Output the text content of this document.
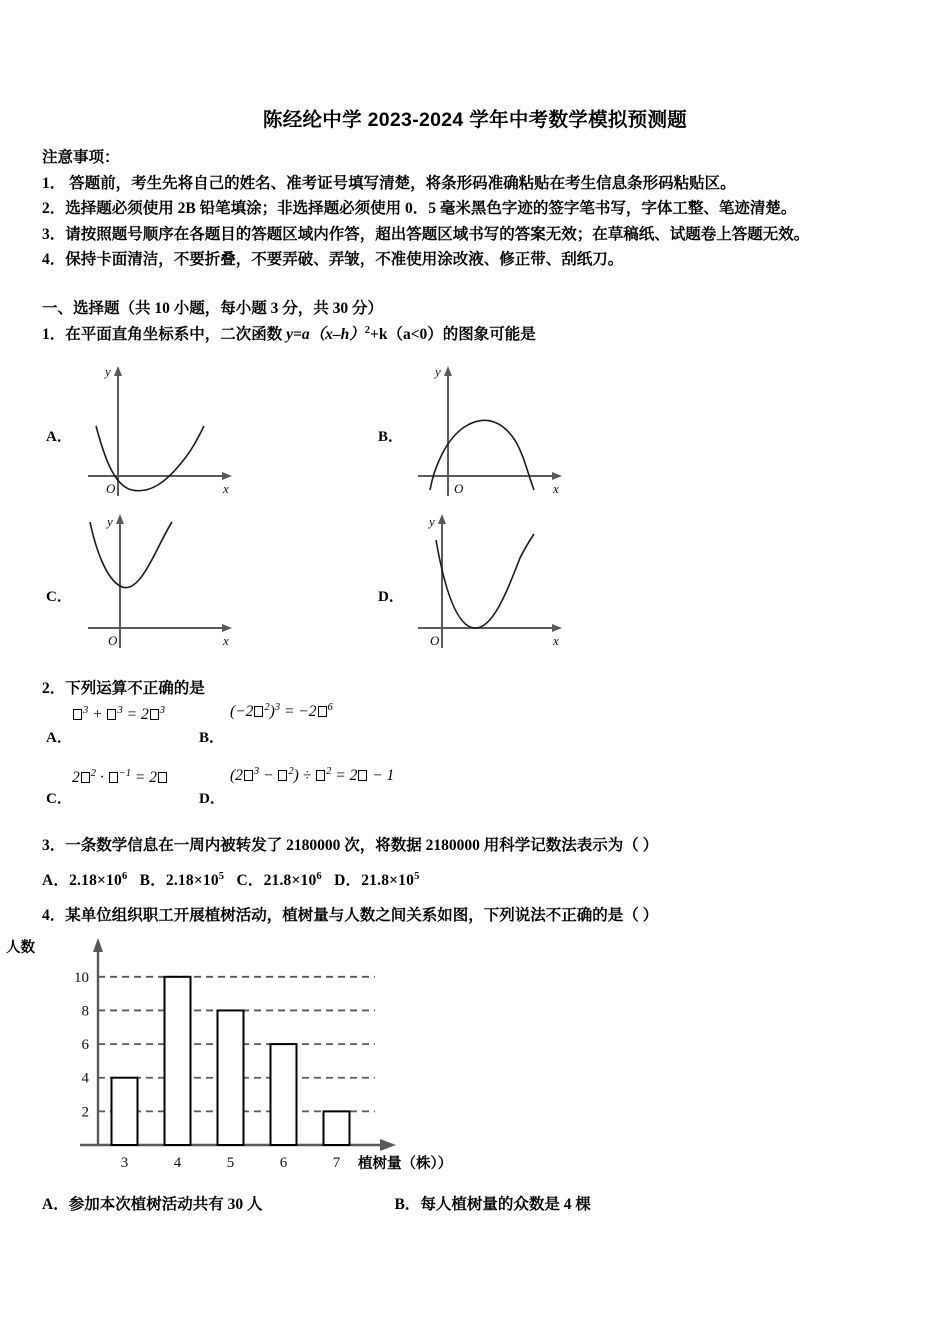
陈经纶中学 2023-2024 学年中考数学模拟预测题
注意事项：
1． 答题前，考生先将自己的姓名、准考证号填写清楚，将条形码准确粘贴在考生信息条形码粘贴区。
2．选择题必须使用 2B 铅笔填涂；非选择题必须使用 0．5 毫米黑色字迹的签字笔书写，字体工整、笔迹清楚。
3．请按照题号顺序在各题目的答题区域内作答，超出答题区域书写的答案无效；在草稿纸、试题卷上答题无效。
4．保持卡面清洁，不要折叠，不要弄破、弄皱，不准使用涂改液、修正带、刮纸刀。
一、选择题（共 10 小题，每小题 3 分，共 30 分）
1．在平面直角坐标系中，二次函数 $y=a(x-h)^2+k(a<0)$的图象可能是
A．
O	x
y
B．
O	x
y
C．
O	x
y
D．
O	x
y
2．下列运算不正确的是
A．
$^3$ + $^3$ = 2 $^3$
B．
(−2 $^2$)$^3$ = −2 $^6$
C．
2 $^2$ · $^{-1}$ = 2
D．
(2 $^3$ − $^2$) ÷ $^2$ = 2 − 1
3．一条数学信息在一周内被转发了 2180000 次，将数据 2180000 用科学记数法表示为（ ）
A．$2.18\times 10^6$ B．$2.18\times 10^5$ C．$21.8\times 10^6$ D．$21.8\times 10^5$
4．某单位组织职工开展植树活动，植树量与人数之间关系如图，下列说法不正确的是（ ）
人数
植树量（株））
2
4
6
8
10
3	4	5	6	7
A．参加本次植树活动共有 30 人	B．每人植树量的众数是 4 棵
